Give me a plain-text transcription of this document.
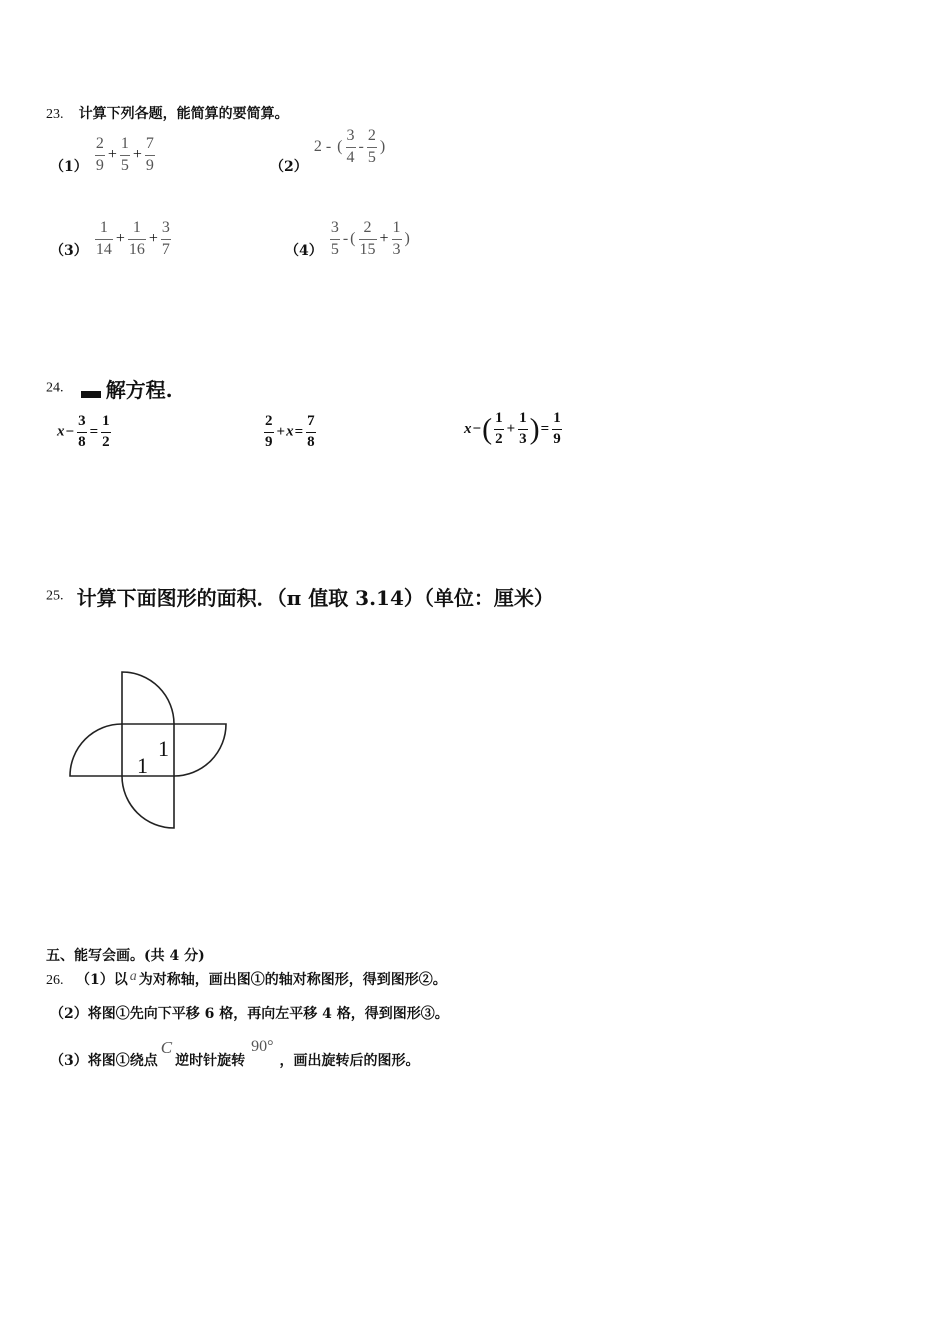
23. 计算下列各题，能简算的要简算。
$(1) \frac{2}{9} + \frac{1}{5} + \frac{7}{9}$	（2） 2 - ( $\frac{3}{4} - \frac{2}{5}$ )
$(3) \frac{1}{14} + \frac{1}{16} + \frac{3}{7}$	$(4) \frac{3}{5}$ - ( $\frac{2}{15} + \frac{1}{3}$ )
24. 解方程.
$x- \frac{3}{8} = \frac{1}{2}$	$\frac{2}{9} +x= \frac{7}{8}$	$x-( \frac{1}{2} + \frac{1}{3}$ )= $\frac{1}{9}$
25. 计算下面图形的面积．（π 值取 3.14）（单位：厘米）
1
1
五、能写会画。(共 4 分)
26. （1）以 a 为对称轴，画出图①的轴对称图形，得到图形②。
（2）将图①先向下平移 6 格，再向左平移 4 格，得到图形③。
（3）将图①绕点C逆时针旋转90°，画出旋转后的图形。
